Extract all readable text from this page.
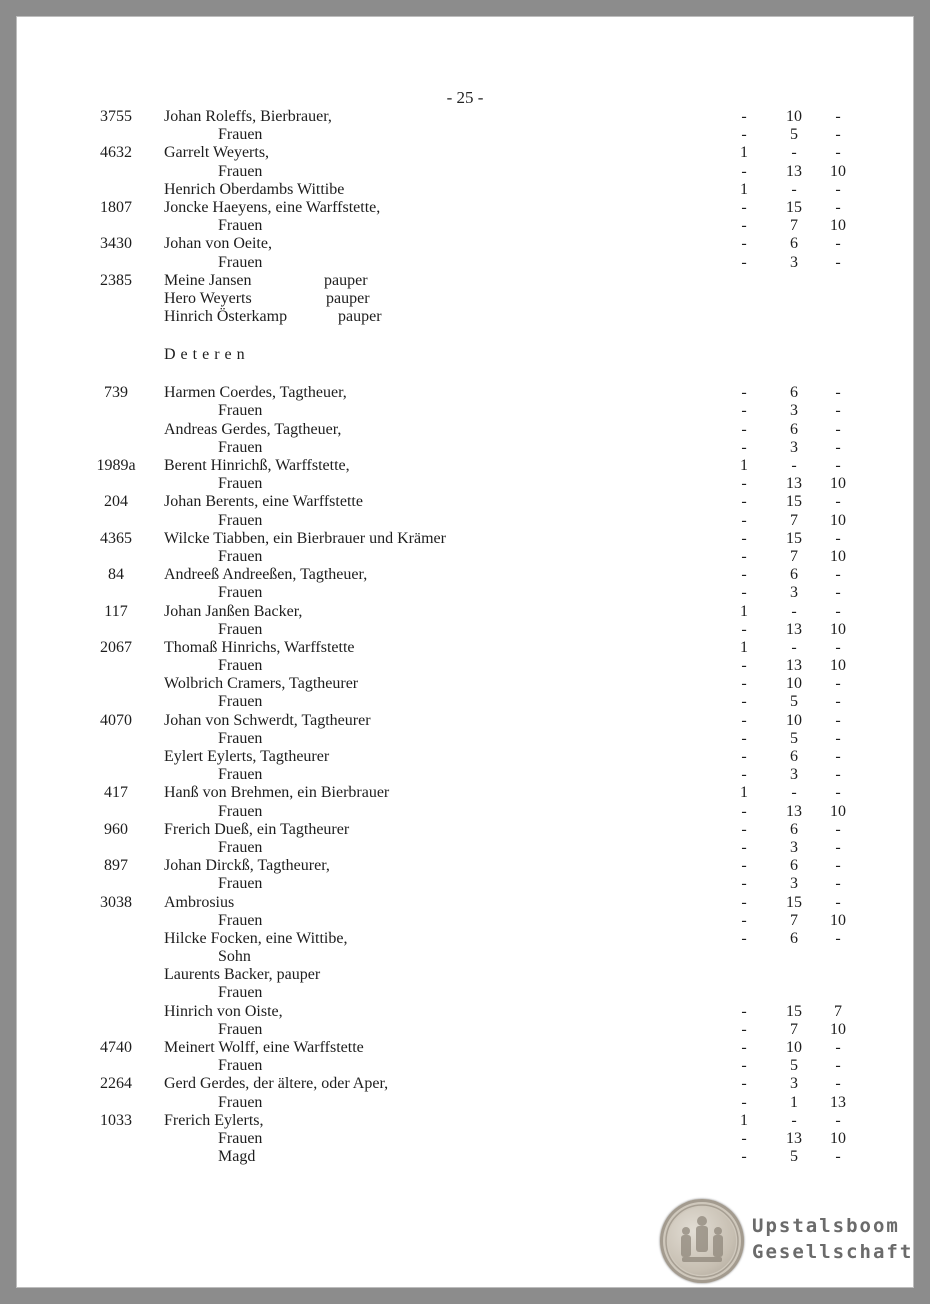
- 25 -
3755	Johan Roleffs, Bierbrauer,	-	10	-
Frauen	-	5	-
4632	Garrelt Weyerts,	1	-	-
Frauen	-	13	10
Henrich Oberdambs Wittibe	1	-	-
1807	Joncke Haeyens, eine Warffstette,	-	15	-
Frauen	-	7	10
3430	Johan von Oeite,	-	6	-
Frauen	-	3	-
2385	Meine Jansen	pauper
Hero Weyerts	pauper
Hinrich Österkamp	pauper
Deteren
739	Harmen Coerdes, Tagtheuer,	-	6	-
Frauen	-	3	-
Andreas Gerdes, Tagtheuer,	-	6	-
Frauen	-	3	-
1989a	Berent Hinrichß, Warffstette,	1	-	-
Frauen	-	13	10
204	Johan Berents, eine Warffstette	-	15	-
Frauen	-	7	10
4365	Wilcke Tiabben, ein Bierbrauer und Krämer	-	15	-
Frauen	-	7	10
84	Andreeß Andreeßen, Tagtheuer,	-	6	-
Frauen	-	3	-
117	Johan Janßen Backer,	1	-	-
Frauen	-	13	10
2067	Thomaß Hinrichs, Warffstette	1	-	-
Frauen	-	13	10
Wolbrich Cramers, Tagtheurer	-	10	-
Frauen	-	5	-
4070	Johan von Schwerdt, Tagtheurer	-	10	-
Frauen	-	5	-
Eylert Eylerts, Tagtheurer	-	6	-
Frauen	-	3	-
417	Hanß von Brehmen, ein Bierbrauer	1	-	-
Frauen	-	13	10
960	Frerich Dueß, ein Tagtheurer	-	6	-
Frauen	-	3	-
897	Johan Dirckß, Tagtheurer,	-	6	-
Frauen	-	3	-
3038	Ambrosius	-	15	-
Frauen	-	7	10
Hilcke Focken, eine Wittibe,	-	6	-
Sohn
Laurents Backer, pauper
Frauen
Hinrich von Oiste,	-	15	7
Frauen	-	7	10
4740	Meinert Wolff, eine Warffstette	-	10	-
Frauen	-	5	-
2264	Gerd Gerdes, der ältere, oder Aper,	-	3	-
Frauen	-	1	13
1033	Frerich Eylerts,	1	-	-
Frauen	-	13	10
Magd	-	5	-
Upstalsboom
Gesellschaft
